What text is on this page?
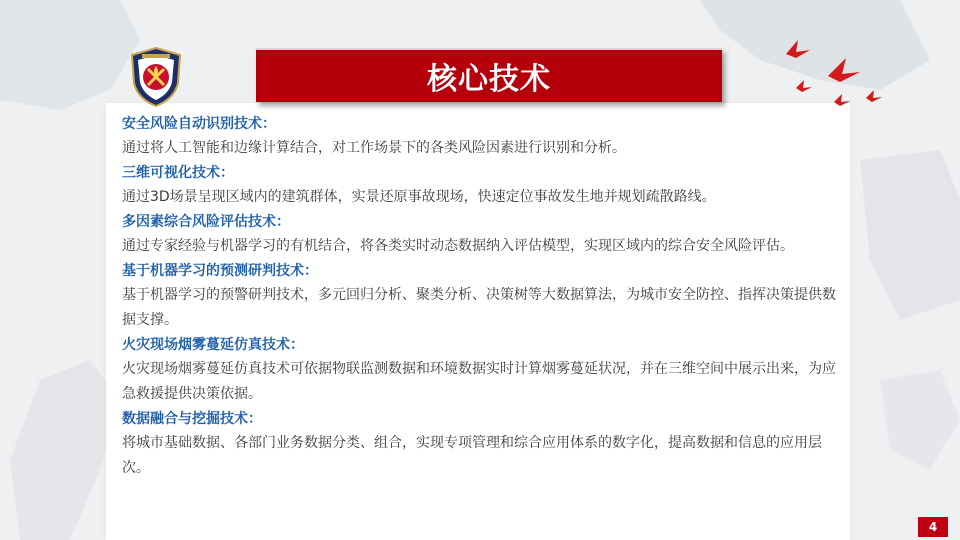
核心技术

安全风险自动识别技术：

通过将人工智能和边缘计算结合，对工作场景下的各类风险因素进行识别和分析。

三维可视化技术：

通过3D场景呈现区域内的建筑群体，实景还原事故现场，快速定位事故发生地并规划疏散路线。

多因素综合风险评估技术：

通过专家经验与机器学习的有机结合，将各类实时动态数据纳入评估模型，实现区域内的综合安全风险评估。

基于机器学习的预测研判技术：

基于机器学习的预警研判技术，多元回归分析、聚类分析、决策树等大数据算法，为城市安全防控、指挥决策提供数据支撑。

火灾现场烟雾蔓延仿真技术：

火灾现场烟雾蔓延仿真技术可依据物联监测数据和环境数据实时计算烟雾蔓延状况，并在三维空间中展示出来，为应急救援提供决策依据。

数据融合与挖掘技术：

将城市基础数据、各部门业务数据分类、组合，实现专项管理和综合应用体系的数字化，提高数据和信息的应用层次。

4
